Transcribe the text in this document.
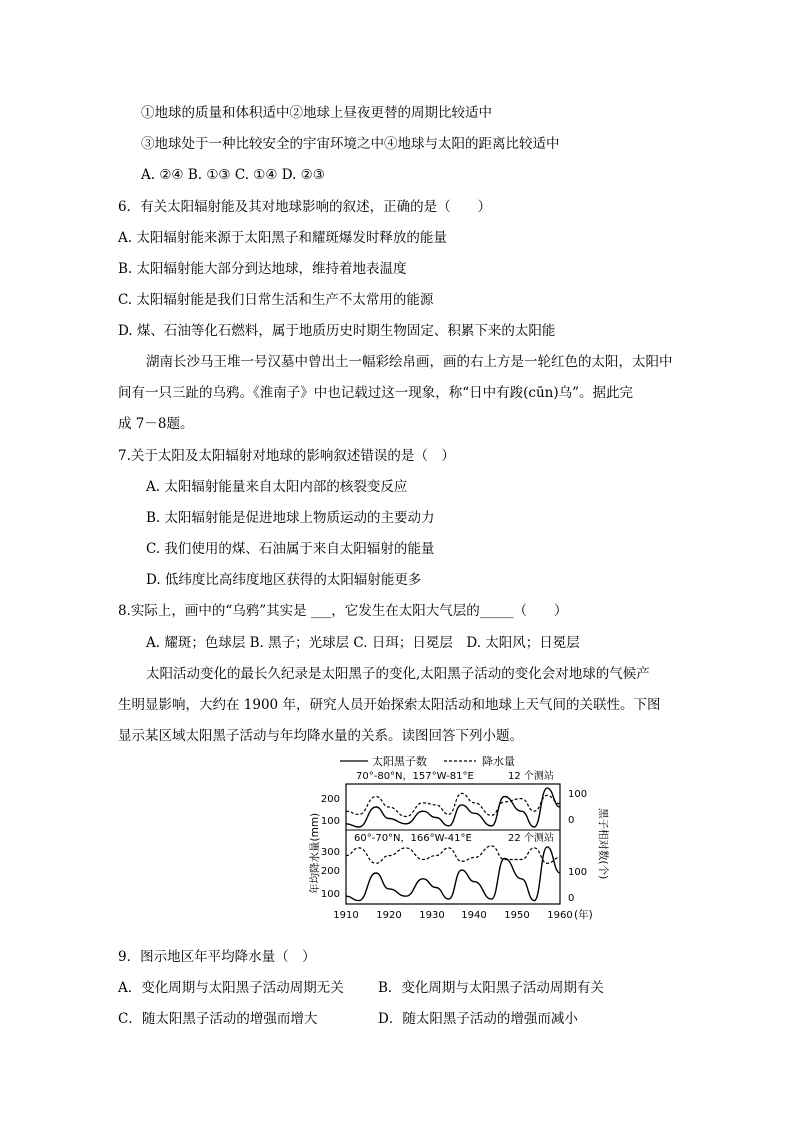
①地球的质量和体积适中②地球上昼夜更替的周期比较适中
③地球处于一种比较安全的宇宙环境之中④地球与太阳的距离比较适中
A. ②④ B. ①③ C. ①④ D. ②③
6．有关太阳辐射能及其对地球影响的叙述，正确的是（　　）
A. 太阳辐射能来源于太阳黑子和耀斑爆发时释放的能量
B. 太阳辐射能大部分到达地球，维持着地表温度
C. 太阳辐射能是我们日常生活和生产不太常用的能源
D. 煤、石油等化石燃料，属于地质历史时期生物固定、积累下来的太阳能
湖南长沙马王堆一号汉墓中曾出土一幅彩绘帛画，画的右上方是一轮红色的太阳，太阳中
间有一只三趾的乌鸦。《淮南子》中也记载过这一现象，称“日中有踆(cūn)乌”。据此完
成 7－8题。
7.关于太阳及太阳辐射对地球的影响叙述错误的是（　）
A. 太阳辐射能量来自太阳内部的核裂变反应
B. 太阳辐射能是促进地球上物质运动的主要动力
C. 我们使用的煤、石油属于来自太阳辐射的能量
D. 低纬度比高纬度地区获得的太阳辐射能更多
8.实际上，画中的“乌鸦”其实是 ___，它发生在太阳大气层的_____（　　）
A. 耀斑；色球层 B. 黑子；光球层 C. 日珥；日冕层　D. 太阳风；日冕层
太阳活动变化的最长久纪录是太阳黑子的变化,太阳黑子活动的变化会对地球的气候产
生明显影响，大约在 1900 年，研究人员开始探索太阳活动和地球上天气间的关联性。下图
显示某区域太阳黑子活动与年均降水量的关系。读图回答下列小题。
太阳黑子数	降水量
70°-80°N，157°W-81°E	12 个测站
60°-70°N，166°W-41°E	22 个测站
年均降水量(mm)	黑子相对数(个)
200
100
100
0
300
200
100
100
0
1910 1920 1930 1940 1950 1960 (年)
9．图示地区年平均降水量（　）
A．变化周期与太阳黑子活动周期无关	B．变化周期与太阳黑子活动周期有关
C．随太阳黑子活动的增强而增大	D．随太阳黑子活动的增强而减小
